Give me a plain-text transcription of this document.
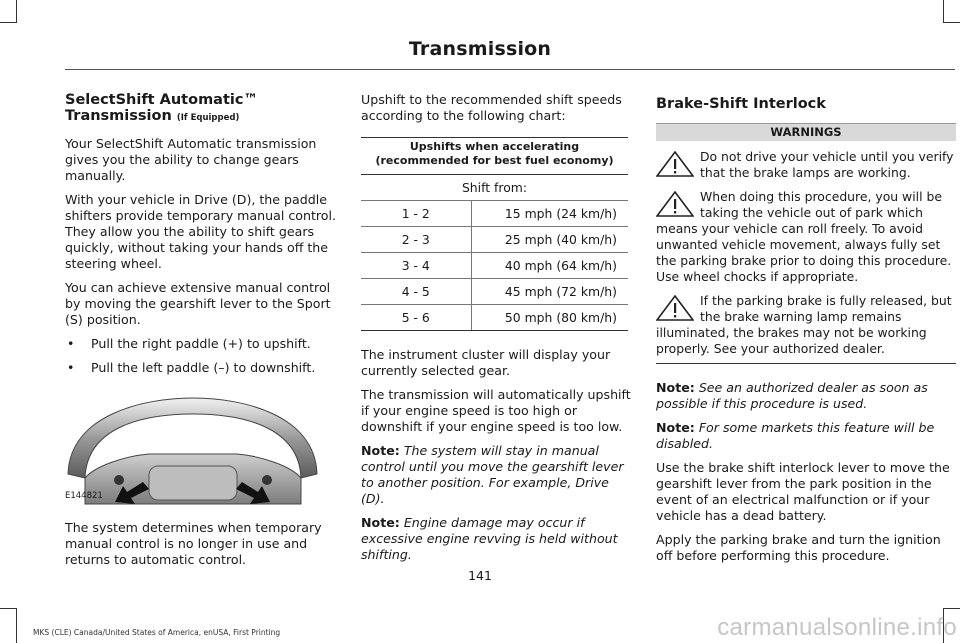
Transmission
SelectShift Automatic™
Transmission (If Equipped)

Your SelectShift Automatic transmission gives you the ability to change gears manually.

With your vehicle in Drive (D), the paddle shifters provide temporary manual control. They allow you the ability to shift gears quickly, without taking your hands off the steering wheel.

You can achieve extensive manual control by moving the gearshift lever to the Sport (S) position.

• Pull the right paddle (+) to upshift.
• Pull the left paddle (–) to downshift.
E144821

The system determines when temporary manual control is no longer in use and returns to automatic control.

Upshift to the recommended shift speeds according to the following chart:

Upshifts when accelerating (recommended for best fuel economy)	
Shift from:	
1 - 2	15 mph (24 km/h)
2 - 3	25 mph (40 km/h)
3 - 4	40 mph (64 km/h)
4 - 5	45 mph (72 km/h)
5 - 6	50 mph (80 km/h)

The instrument cluster will display your currently selected gear.

The transmission will automatically upshift if your engine speed is too high or downshift if your engine speed is too low.

Note: The system will stay in manual control until you move the gearshift lever to another position. For example, Drive (D).

Note: Engine damage may occur if excessive engine revving is held without shifting.

Brake-Shift Interlock
WARNINGS
Do not drive your vehicle until you verify that the brake lamps are working.
When doing this procedure, you will be taking the vehicle out of park which means your vehicle can roll freely. To avoid unwanted vehicle movement, always fully set the parking brake prior to doing this procedure. Use wheel chocks if appropriate.
If the parking brake is fully released, but the brake warning lamp remains illuminated, the brakes may not be working properly. See your authorized dealer.

Note: See an authorized dealer as soon as possible if this procedure is used.

Note: For some markets this feature will be disabled.

Use the brake shift interlock lever to move the gearshift lever from the park position in the event of an electrical malfunction or if your vehicle has a dead battery.

Apply the parking brake and turn the ignition off before performing this procedure.

141
MKS (CLE) Canada/United States of America, enUSA, First Printing	carmanualsonline.info
